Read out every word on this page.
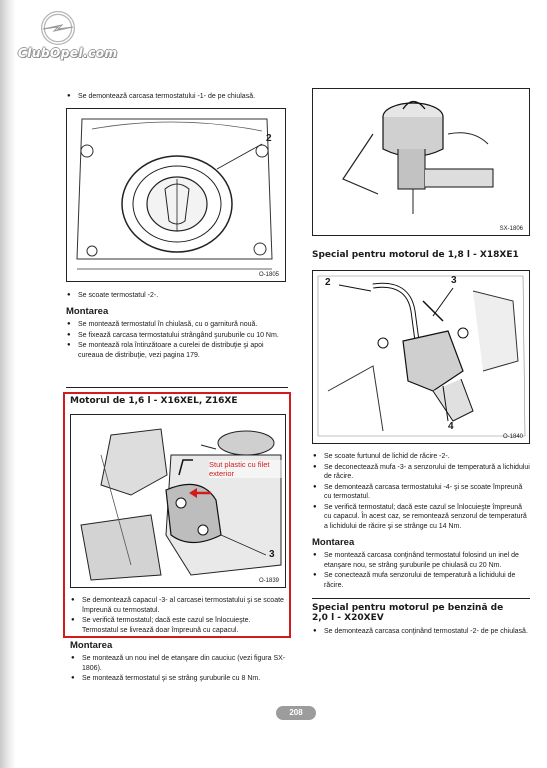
ClubOpel.com

● Se demontează carcasa termostatului -1- de pe chiulasă.

2
O-1805

● Se scoate termostatul -2-.

Montarea

● Se montează termostatul în chiulasă, cu o garnitură nouă.

● Se fixează carcasa termostatului strângând şuruburile cu 10 Nm.

● Se montează rola întinzătoare a curelei de distribuţie şi apoi cureaua de distribuţie, vezi pagina 179.

Motorul de 1,6 l - X16XEL, Z16XE

3
O-1839

● Se demontează capacul -3- al carcasei termostatului şi se scoate împreună cu termostatul.

● Se verifică termostatul; dacă este cazul se înlocuieşte. Termostatul se livrează doar împreună cu capacul.

Stut plastic cu filet exterior
Montarea

● Se montează un nou inel de etanşare din cauciuc (vezi figura SX-1806).

● Se montează termostatul şi se strâng şuruburile cu 8 Nm.

SX-1806

Special pentru motorul de 1,8 l - X18XE1

2	3
4
O-1840

● Se scoate furtunul de lichid de răcire -2-.

● Se deconectează mufa -3- a senzorului de temperatură a lichidului de răcire.

● Se demontează carcasa termostatului -4- şi se scoate împreună cu termostatul.

● Se verifică termostatul; dacă este cazul se înlocuieşte împreună cu capacul. În acest caz, se remontează senzorul de temperatură a lichidului de răcire şi se strânge cu 14 Nm.

Montarea

● Se montează carcasa conţinând termostatul folosind un inel de etanşare nou, se strâng şuruburile pe chiulasă cu 20 Nm.

● Se conectează mufa senzorului de temperatură a lichidului de răcire.

Special pentru motorul pe benzină de 2,0 l - X20XEV

● Se demontează carcasa conţinând termostatul -2- de pe chiulasă.

208
